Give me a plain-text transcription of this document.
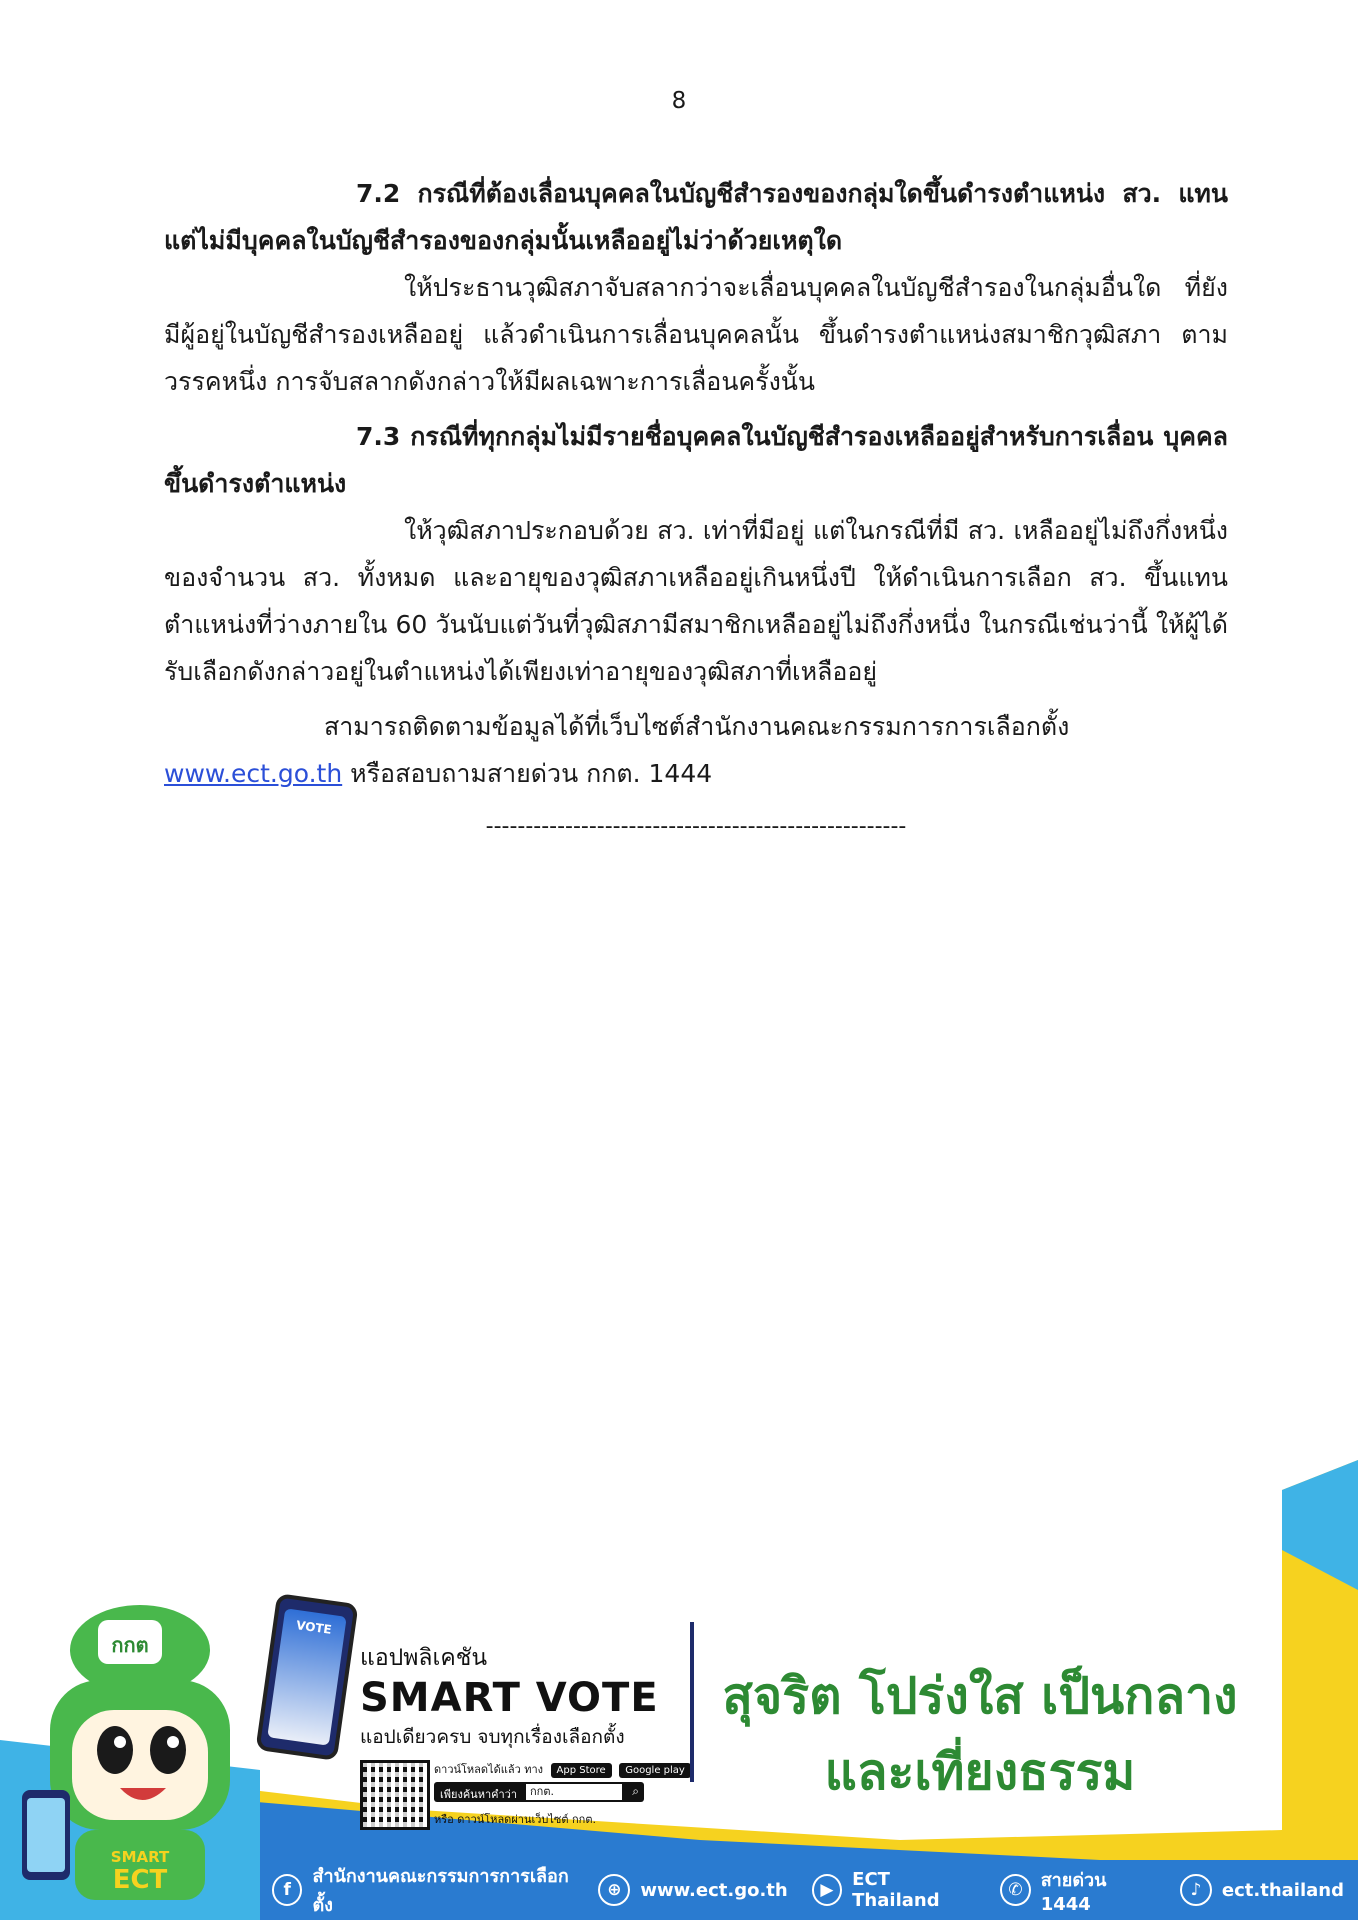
8

7.2 กรณีที่ต้องเลื่อนบุคคลในบัญชีสำรองของกลุ่มใดขึ้นดำรงตำแหน่ง สว. แทน แต่ไม่มีบุคคลในบัญชีสำรองของกลุ่มนั้นเหลืออยู่ไม่ว่าด้วยเหตุใด

ให้ประธานวุฒิสภาจับสลากว่าจะเลื่อนบุคคลในบัญชีสำรองในกลุ่มอื่นใด ที่ยังมีผู้อยู่ในบัญชีสำรองเหลืออยู่ แล้วดำเนินการเลื่อนบุคคลนั้น ขึ้นดำรงตำแหน่งสมาชิกวุฒิสภา ตามวรรคหนึ่ง การจับสลากดังกล่าวให้มีผลเฉพาะการเลื่อนครั้งนั้น

7.3 กรณีที่ทุกกลุ่มไม่มีรายชื่อบุคคลในบัญชีสำรองเหลืออยู่สำหรับการเลื่อน บุคคลขึ้นดำรงตำแหน่ง

ให้วุฒิสภาประกอบด้วย สว. เท่าที่มีอยู่ แต่ในกรณีที่มี สว. เหลืออยู่ไม่ถึงกึ่งหนึ่งของจำนวน สว. ทั้งหมด และอายุของวุฒิสภาเหลืออยู่เกินหนึ่งปี ให้ดำเนินการเลือก สว. ขึ้นแทนตำแหน่งที่ว่างภายใน 60 วันนับแต่วันที่วุฒิสภามีสมาชิกเหลืออยู่ไม่ถึงกึ่งหนึ่ง ในกรณีเช่นว่านี้ ให้ผู้ได้รับเลือกดังกล่าวอยู่ในตำแหน่งได้เพียงเท่าอายุของวุฒิสภาที่เหลืออยู่

สามารถติดตามข้อมูลได้ที่เว็บไซต์สำนักงานคณะกรรมการการเลือกตั้ง www.ect.go.th หรือสอบถามสายด่วน กกต. 1444

-----------------------------------------------------
กกต
SMART
ECT
VOTE
แอปพลิเคชัน
SMART VOTE
แอปเดียวครบ จบทุกเรื่องเลือกตั้ง
ดาวน์โหลดได้แล้ว ทาง App Store Google play
เพียงค้นหาคำว่า	กกต.	⌕
หรือ ดาวน์โหลดผ่านเว็บไซต์ กกต.
สุจริต โปร่งใส เป็นกลาง
และเที่ยงธรรม
f
สำนักงานคณะกรรมการการเลือกตั้ง
⊕	www.ect.go.th	▶	ECT Thailand	✆	สายด่วน 1444
♪	ect.thailand
